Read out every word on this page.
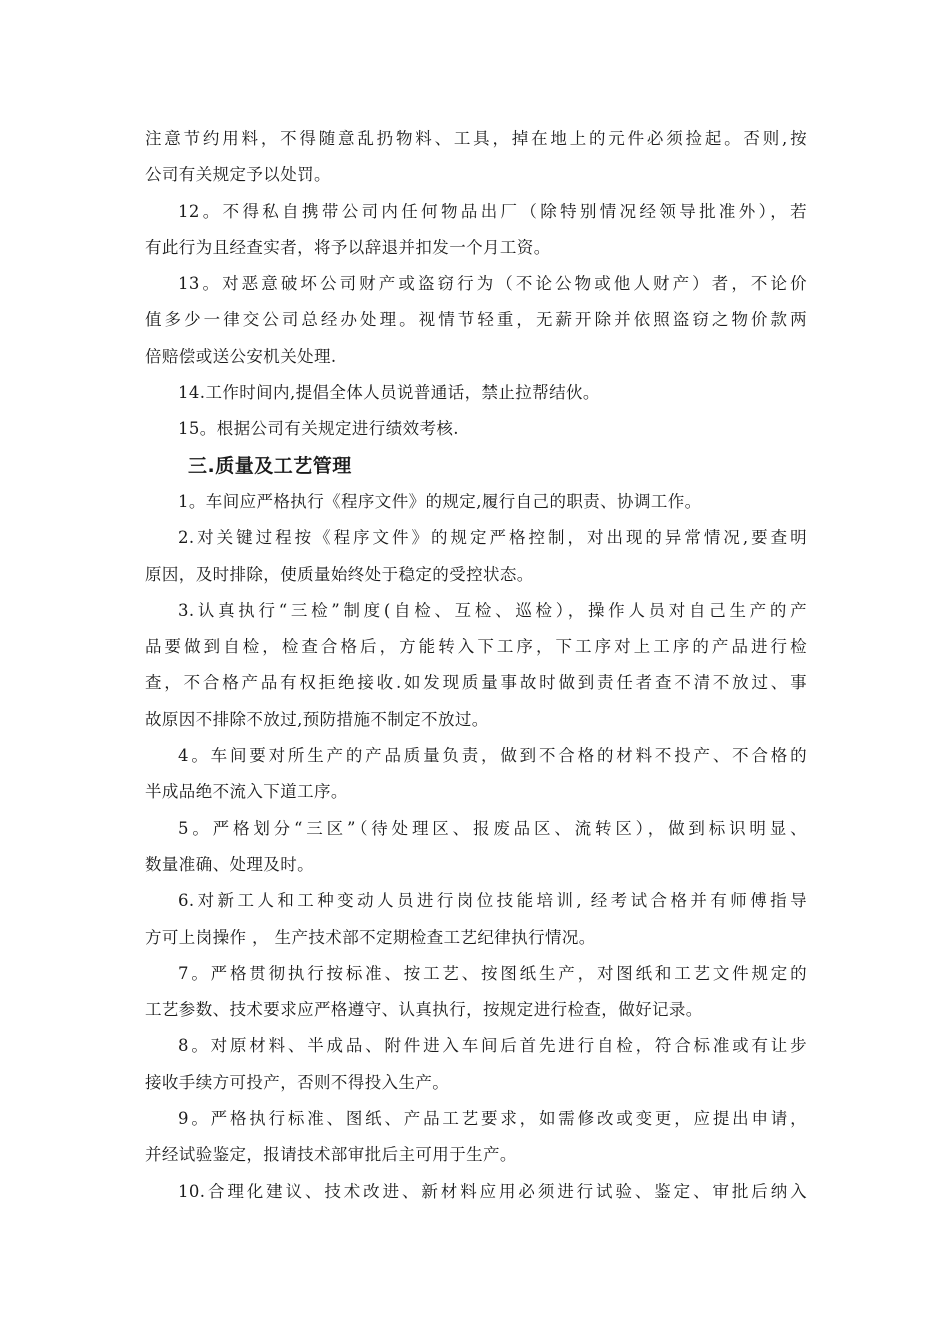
注意节约用料，不得随意乱扔物料、工具，掉在地上的元件必须捡起。否则,按
公司有关规定予以处罚。
12。不得私自携带公司内任何物品出厂（除特别情况经领导批准外），若
有此行为且经查实者，将予以辞退并扣发一个月工资。
13。对恶意破坏公司财产或盗窃行为（不论公物或他人财产）者，不论价
值多少一律交公司总经办处理。视情节轻重，无薪开除并依照盗窃之物价款两
倍赔偿或送公安机关处理.
14.工作时间内,提倡全体人员说普通话，禁止拉帮结伙。
15。根据公司有关规定进行绩效考核.
三.质量及工艺管理
1。车间应严格执行《程序文件》的规定,履行自己的职责、协调工作。
2.对关键过程按《程序文件》的规定严格控制，对出现的异常情况,要查明
原因，及时排除，使质量始终处于稳定的受控状态。
3.认真执行“三检”制度(自检、互检、巡检），操作人员对自己生产的产
品要做到自检，检查合格后，方能转入下工序，下工序对上工序的产品进行检
查，不合格产品有权拒绝接收.如发现质量事故时做到责任者查不清不放过、事
故原因不排除不放过,预防措施不制定不放过。
4。车间要对所生产的产品质量负责，做到不合格的材料不投产、不合格的
半成品绝不流入下道工序。
5。严格划分“三区”（待处理区、报废品区、流转区），做到标识明显、
数量准确、处理及时。
6.对新工人和工种变动人员进行岗位技能培训, 经考试合格并有师傅指导
方可上岗操作 ， 生产技术部不定期检查工艺纪律执行情况。
7。严格贯彻执行按标准、按工艺、按图纸生产，对图纸和工艺文件规定的
工艺参数、技术要求应严格遵守、认真执行，按规定进行检查，做好记录。
8。对原材料、半成品、附件进入车间后首先进行自检，符合标准或有让步
接收手续方可投产，否则不得投入生产。
9。严格执行标准、图纸、产品工艺要求，如需修改或变更，应提出申请，
并经试验鉴定，报请技术部审批后主可用于生产。
10.合理化建议、技术改进、新材料应用必须进行试验、鉴定、审批后纳入
